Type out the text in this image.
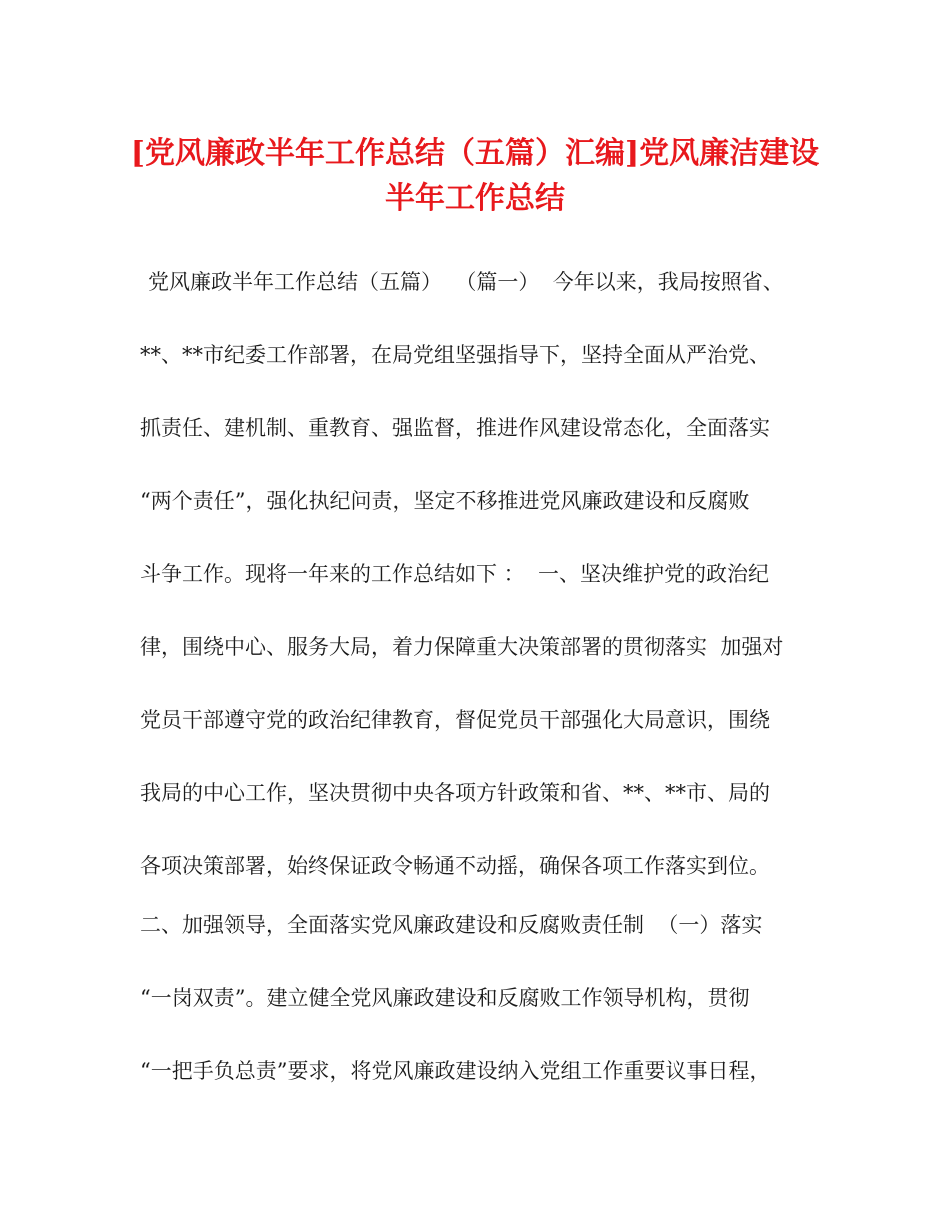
[党风廉政半年工作总结（五篇）汇编]党风廉洁建设
半年工作总结
党风廉政半年工作总结（五篇）  （篇一）  今年以来，我局按照省、
**、**市纪委工作部署，在局党组坚强指导下，坚持全面从严治党、
抓责任、建机制、重教育、强监督，推进作风建设常态化，全面落实
“两个责任”，强化执纪问责，坚定不移推进党风廉政建设和反腐败
斗争工作。现将一年来的工作总结如下 ：  一、坚决维护党的政治纪
律，围绕中心、服务大局，着力保障重大决策部署的贯彻落实  加强对
党员干部遵守党的政治纪律教育，督促党员干部强化大局意识，围绕
我局的中心工作，坚决贯彻中央各项方针政策和省、**、**市、局的
各项决策部署，始终保证政令畅通不动摇，确保各项工作落实到位。
二、加强领导，全面落实党风廉政建设和反腐败责任制  （一）落实
“一岗双责”。建立健全党风廉政建设和反腐败工作领导机构，贯彻
“一把手负总责”要求，将党风廉政建设纳入党组工作重要议事日程，
